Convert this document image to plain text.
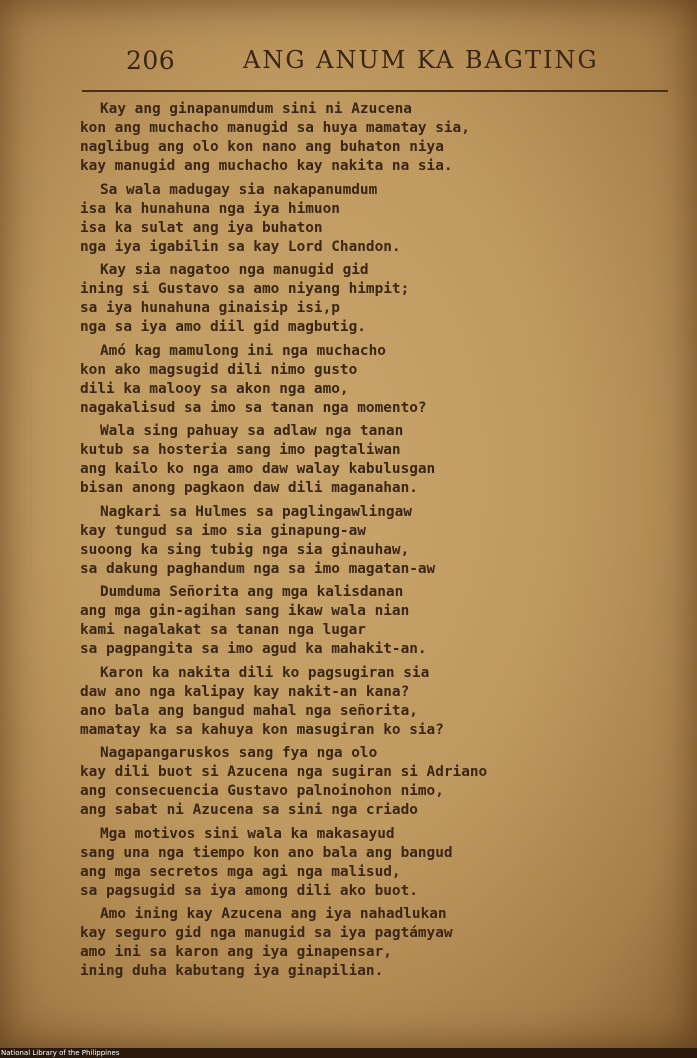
206	ANG ANUM KA BAGTING
Kay ang ginapanumdum sini ni Azucena
kon ang muchacho manugid sa huya mamatay sia,
naglibug ang olo kon nano ang buhaton niya
kay manugid ang muchacho kay nakita na sia.
Sa wala madugay sia nakapanumdum
isa ka hunahuna nga iya himuon
isa ka sulat ang iya buhaton
nga iya igabilin sa kay Lord Chandon.
Kay sia nagatoo nga manugid gid
ining si Gustavo sa amo niyang himpit;
sa iya hunahuna ginaisip isi,p
nga sa iya amo diil gid magbutig.
Amó kag mamulong ini nga muchacho
kon ako magsugid dili nimo gusto
dili ka malooy sa akon nga amo,
nagakalisud sa imo sa tanan nga momento?
Wala sing pahuay sa adlaw nga tanan
kutub sa hosteria sang imo pagtaliwan
ang kailo ko nga amo daw walay kabulusgan
bisan anong pagkaon daw dili maganahan.
Nagkari sa Hulmes sa paglingawlingaw
kay tungud sa imo sia ginapung-aw
suoong ka sing tubig nga sia ginauhaw,
sa dakung paghandum nga sa imo magatan-aw
Dumduma Señorita ang mga kalisdanan
ang mga gin-agihan sang ikaw wala nian
kami nagalakat sa tanan nga lugar
sa pagpangita sa imo agud ka mahakit-an.
Karon ka nakita dili ko pagsugiran sia
daw ano nga kalipay kay nakit-an kana?
ano bala ang bangud mahal nga señorita,
mamatay ka sa kahuya kon masugiran ko sia?
Nagapangaruskos sang fya nga olo
kay dili buot si Azucena nga sugiran si Adriano
ang consecuencia Gustavo palnoinohon nimo,
ang sabat ni Azucena sa sini nga criado
Mga motivos sini wala ka makasayud
sang una nga tiempo kon ano bala ang bangud
ang mga secretos mga agi nga malisud,
sa pagsugid sa iya among dili ako buot.
Amo ining kay Azucena ang iya nahadlukan
kay seguro gid nga manugid sa iya pagtámyaw
amo ini sa karon ang iya ginapensar,
ining duha kabutang iya ginapilian.
National Library of the Philippines
